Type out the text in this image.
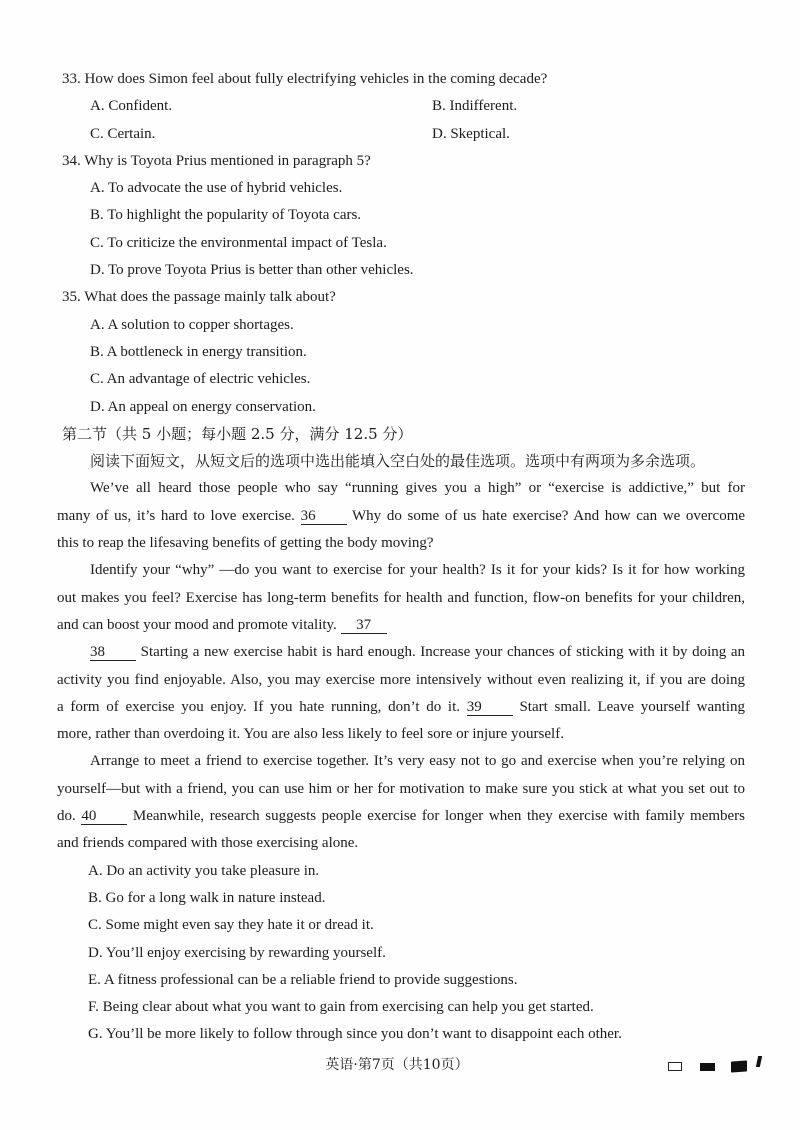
33. How does Simon feel about fully electrifying vehicles in the coming decade?
A. Confident.	B. Indifferent.
C. Certain.	D. Skeptical.
34. Why is Toyota Prius mentioned in paragraph 5?
A. To advocate the use of hybrid vehicles.
B. To highlight the popularity of Toyota cars.
C. To criticize the environmental impact of Tesla.
D. To prove Toyota Prius is better than other vehicles.
35. What does the passage mainly talk about?
A. A solution to copper shortages.
B. A bottleneck in energy transition.
C. An advantage of electric vehicles.
D. An appeal on energy conservation.
第二节（共 5 小题；每小题 2.5 分，满分 12.5 分）
阅读下面短文，从短文后的选项中选出能填入空白处的最佳选项。选项中有两项为多余选项。
We’ve all heard those people who say “running gives you a high” or “exercise is addictive,” but for
many of us, it’s hard to love exercise. 36 Why do some of us hate exercise? And how can we overcome
this to reap the lifesaving benefits of getting the body moving?
Identify your “why” —do you want to exercise for your health? Is it for your kids? Is it for how working
out makes you feel? Exercise has long-term benefits for health and function, flow-on benefits for your children,
and can boost your mood and promote vitality. 37
38 Starting a new exercise habit is hard enough. Increase your chances of sticking with it by doing an
activity you find enjoyable. Also, you may exercise more intensively without even realizing it, if you are doing
a form of exercise you enjoy. If you hate running, don’t do it. 39	Start small. Leave yourself wanting
more, rather than overdoing it. You are also less likely to feel sore or injure yourself.
Arrange to meet a friend to exercise together. It’s very easy not to go and exercise when you’re relying on
yourself—but with a friend, you can use him or her for motivation to make sure you stick at what you set out to
do. 40 Meanwhile, research suggests people exercise for longer when they exercise with family members
and friends compared with those exercising alone.
A. Do an activity you take pleasure in.
B. Go for a long walk in nature instead.
C. Some might even say they hate it or dread it.
D. You’ll enjoy exercising by rewarding yourself.
E. A fitness professional can be a reliable friend to provide suggestions.
F. Being clear about what you want to gain from exercising can help you get started.
G. You’ll be more likely to follow through since you don’t want to disappoint each other.
英语·第7页（共10页）
